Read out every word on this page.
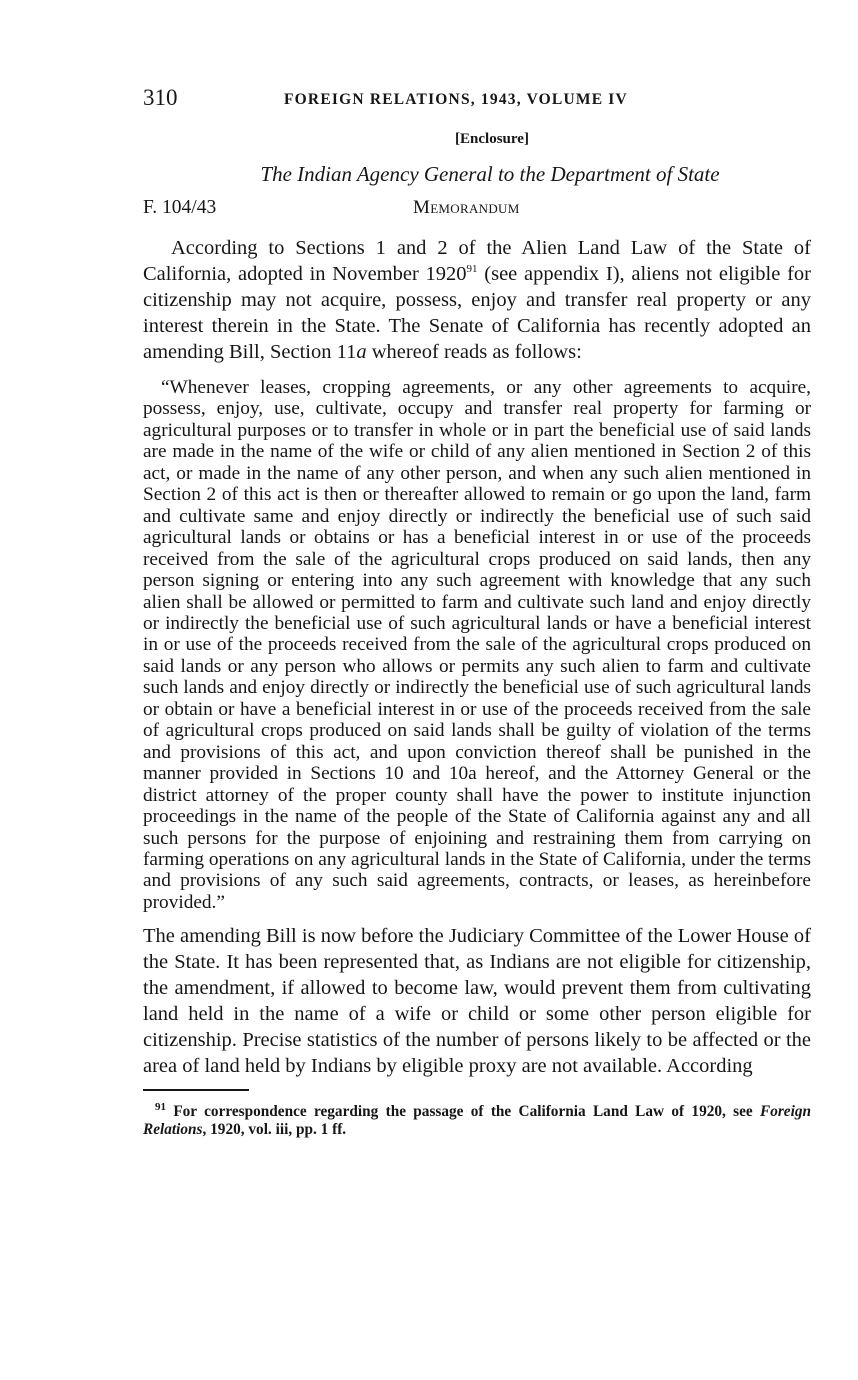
310	FOREIGN RELATIONS, 1943, VOLUME IV
[Enclosure]
The Indian Agency General to the Department of State
F. 104/43	Memorandum

According to Sections 1 and 2 of the Alien Land Law of the State of California, adopted in November 1920$^{91}$ (see appendix I), aliens not eligible for citizenship may not acquire, possess, enjoy and transfer real property or any interest therein in the State. The Senate of California has recently adopted an amending Bill, Section 11a whereof reads as follows:

“Whenever leases, cropping agreements, or any other agreements to acquire, possess, enjoy, use, cultivate, occupy and transfer real property for farming or agricultural purposes or to transfer in whole or in part the beneficial use of said lands are made in the name of the wife or child of any alien mentioned in Section 2 of this act, or made in the name of any other person, and when any such alien mentioned in Section 2 of this act is then or thereafter allowed to remain or go upon the land, farm and cultivate same and enjoy directly or indirectly the beneficial use of such said agricultural lands or obtains or has a beneficial interest in or use of the proceeds received from the sale of the agricultural crops produced on said lands, then any person signing or entering into any such agreement with knowledge that any such alien shall be allowed or permitted to farm and cultivate such land and enjoy directly or indirectly the beneficial use of such agricultural lands or have a beneficial interest in or use of the proceeds received from the sale of the agricultural crops produced on said lands or any person who allows or permits any such alien to farm and cultivate such lands and enjoy directly or indirectly the beneficial use of such agricultural lands or obtain or have a beneficial interest in or use of the proceeds received from the sale of agricultural crops produced on said lands shall be guilty of violation of the terms and provisions of this act, and upon conviction thereof shall be punished in the manner provided in Sections 10 and 10a hereof, and the Attorney General or the district attorney of the proper county shall have the power to institute injunction proceedings in the name of the people of the State of California against any and all such persons for the purpose of enjoining and restraining them from carrying on farming operations on any agricultural lands in the State of California, under the terms and provisions of any such said agreements, contracts, or leases, as hereinbefore provided.”

The amending Bill is now before the Judiciary Committee of the Lower House of the State. It has been represented that, as Indians are not eligible for citizenship, the amendment, if allowed to become law, would prevent them from cultivating land held in the name of a wife or child or some other person eligible for citizenship. Precise statistics of the number of persons likely to be affected or the area of land held by Indians by eligible proxy are not available. According

$^{91}$ For correspondence regarding the passage of the California Land Law of 1920, see Foreign Relations, 1920, vol. iii, pp. 1 ff.
